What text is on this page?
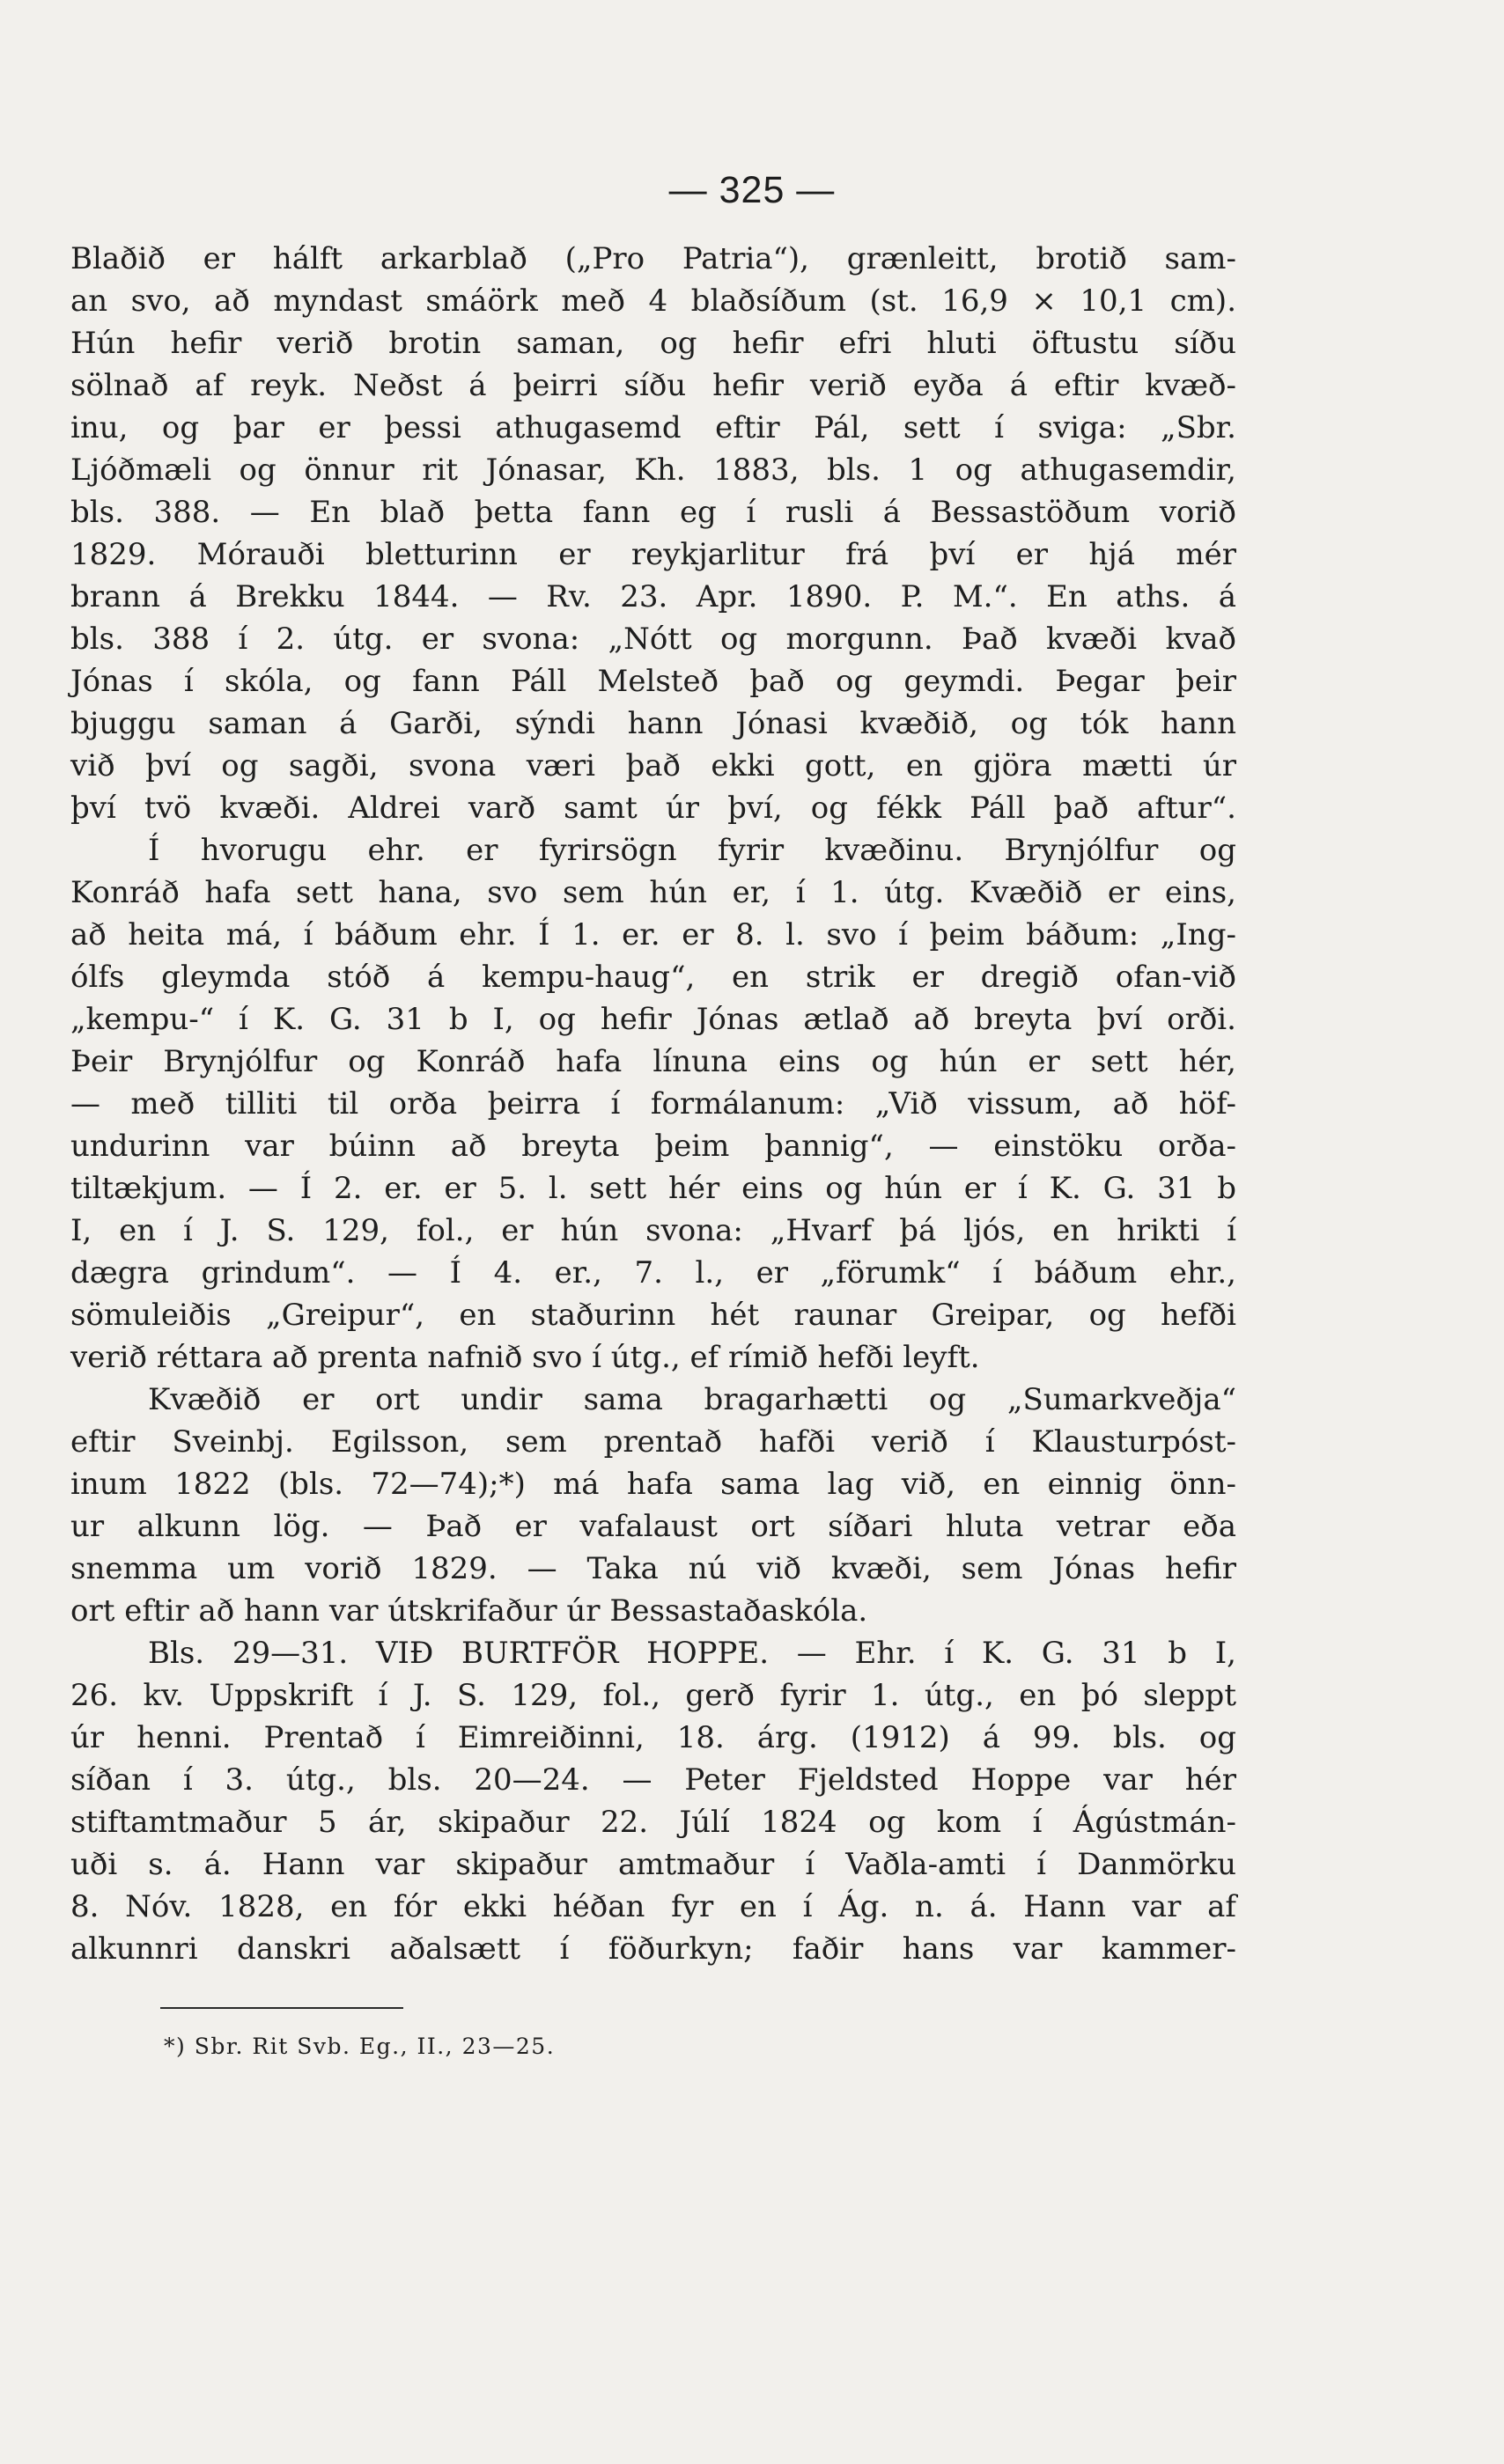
— 325 —
Blaðið er hálft arkarblað („Pro Patria“), grænleitt, brotið sam-
an svo, að myndast smáörk með 4 blaðsíðum (st. 16,9 × 10,1 cm).
Hún hefir verið brotin saman, og hefir efri hluti öftustu síðu
sölnað af reyk. Neðst á þeirri síðu hefir verið eyða á eftir kvæð-
inu, og þar er þessi athugasemd eftir Pál, sett í sviga: „Sbr.
Ljóðmæli og önnur rit Jónasar, Kh. 1883, bls. 1 og athugasemdir,
bls. 388. — En blað þetta fann eg í rusli á Bessastöðum vorið
1829. Mórauði bletturinn er reykjarlitur frá því er hjá mér
brann á Brekku 1844. — Rv. 23. Apr. 1890. P. M.“. En aths. á
bls. 388 í 2. útg. er svona: „Nótt og morgunn. Það kvæði kvað
Jónas í skóla, og fann Páll Melsteð það og geymdi. Þegar þeir
bjuggu saman á Garði, sýndi hann Jónasi kvæðið, og tók hann
við því og sagði, svona væri það ekki gott, en gjöra mætti úr
því tvö kvæði. Aldrei varð samt úr því, og fékk Páll það aftur“.
Í hvorugu ehr. er fyrirsögn fyrir kvæðinu. Brynjólfur og
Konráð hafa sett hana, svo sem hún er, í 1. útg. Kvæðið er eins,
að heita má, í báðum ehr. Í 1. er. er 8. l. svo í þeim báðum: „Ing-
ólfs gleymda stóð á kempu-haug“, en strik er dregið ofan-við
„kempu-“ í K. G. 31 b I, og hefir Jónas ætlað að breyta því orði.
Þeir Brynjólfur og Konráð hafa línuna eins og hún er sett hér,
— með tilliti til orða þeirra í formálanum: „Við vissum, að höf-
undurinn var búinn að breyta þeim þannig“, — einstöku orða-
tiltækjum. — Í 2. er. er 5. l. sett hér eins og hún er í K. G. 31 b
I, en í J. S. 129, fol., er hún svona: „Hvarf þá ljós, en hrikti í
dægra grindum“. — Í 4. er., 7. l., er „förumk“ í báðum ehr.,
sömuleiðis „Greipur“, en staðurinn hét raunar Greipar, og hefði
verið réttara að prenta nafnið svo í útg., ef rímið hefði leyft.
Kvæðið er ort undir sama bragarhætti og „Sumarkveðja“
eftir Sveinbj. Egilsson, sem prentað hafði verið í Klausturpóst-
inum 1822 (bls. 72—74);*) má hafa sama lag við, en einnig önn-
ur alkunn lög. — Það er vafalaust ort síðari hluta vetrar eða
snemma um vorið 1829. — Taka nú við kvæði, sem Jónas hefir
ort eftir að hann var útskrifaður úr Bessastaðaskóla.
Bls. 29—31. VIÐ BURTFÖR HOPPE. — Ehr. í K. G. 31 b I,
26. kv. Uppskrift í J. S. 129, fol., gerð fyrir 1. útg., en þó sleppt
úr henni. Prentað í Eimreiðinni, 18. árg. (1912) á 99. bls. og
síðan í 3. útg., bls. 20—24. — Peter Fjeldsted Hoppe var hér
stiftamtmaður 5 ár, skipaður 22. Júlí 1824 og kom í Ágústmán-
uði s. á. Hann var skipaður amtmaður í Vaðla-amti í Danmörku
8. Nóv. 1828, en fór ekki héðan fyr en í Ág. n. á. Hann var af
alkunnri danskri aðalsætt í föðurkyn; faðir hans var kammer-
*) Sbr. Rit Svb. Eg., II., 23—25.
